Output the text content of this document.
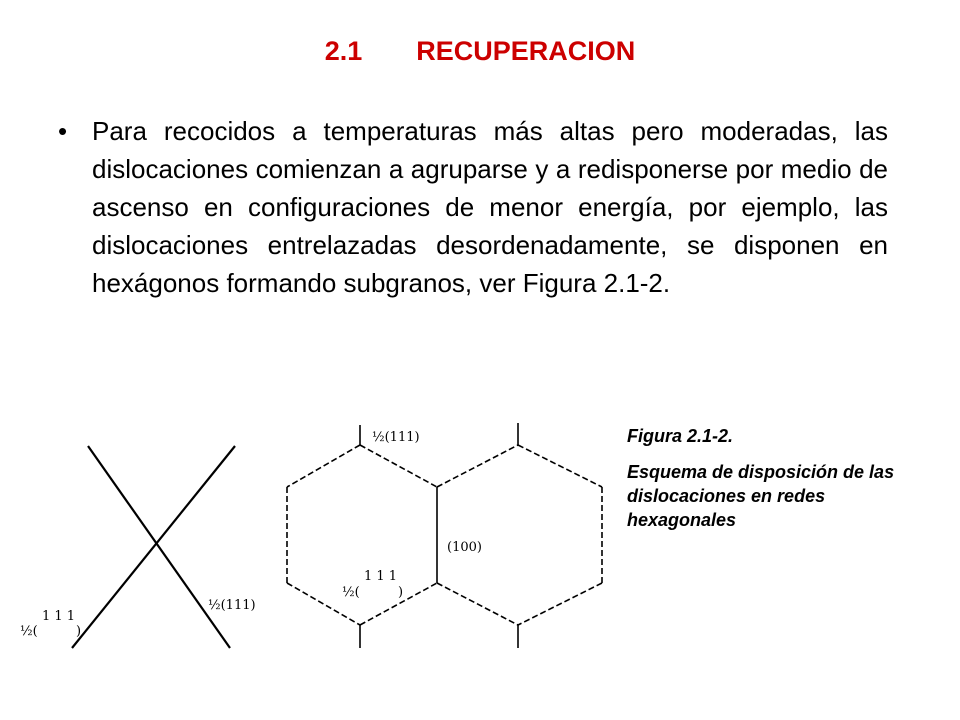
2.1  RECUPERACION
• Para recocidos a temperaturas más altas pero moderadas, las dislocaciones comienzan a agruparse y a redisponerse por medio de ascenso en configuraciones de menor energía, por ejemplo, las dislocaciones entrelazadas desordenadamente, se disponen en hexágonos formando subgranos, ver Figura 2.1-2.
½(111)
½(
1 1 1
)
½(111)
(100)
½(
1 1 1
)
Figura 2.1-2.
Esquema de disposición de las dislocaciones en redes hexagonales
